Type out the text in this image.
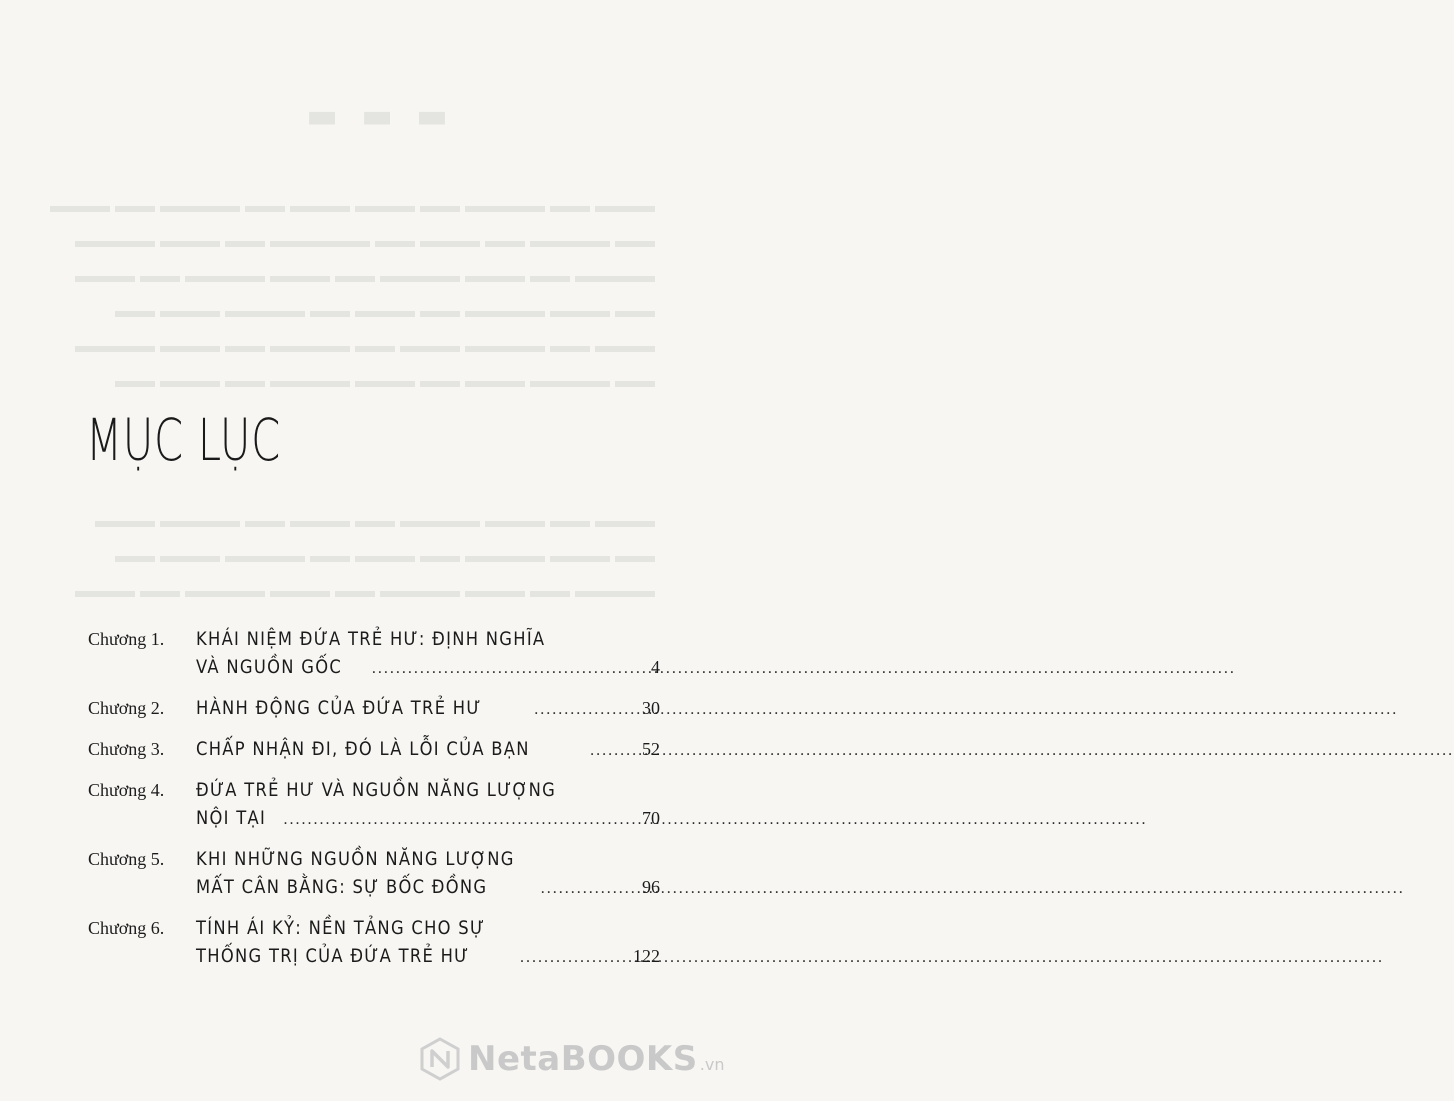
▬ ▬ ▬
▬▬▬ ▬▬ ▬▬▬▬ ▬▬ ▬▬▬ ▬▬▬ ▬▬ ▬▬▬▬ ▬▬ ▬▬▬
▬▬ ▬▬▬▬ ▬▬ ▬▬▬ ▬▬ ▬▬▬▬▬ ▬▬ ▬▬▬ ▬▬▬▬
▬▬▬▬ ▬▬ ▬▬▬ ▬▬▬▬ ▬▬ ▬▬▬ ▬▬▬▬ ▬▬ ▬▬▬
▬▬ ▬▬▬ ▬▬▬▬ ▬▬ ▬▬▬ ▬▬ ▬▬▬▬ ▬▬▬ ▬▬
▬▬▬ ▬▬ ▬▬▬▬ ▬▬▬ ▬▬ ▬▬▬▬ ▬▬ ▬▬▬ ▬▬▬▬
▬▬ ▬▬▬▬ ▬▬▬ ▬▬ ▬▬▬ ▬▬▬▬ ▬▬ ▬▬▬ ▬▬
▬▬▬ ▬▬ ▬▬▬ ▬▬▬▬ ▬▬ ▬▬▬ ▬▬ ▬▬▬▬ ▬▬▬
▬▬ ▬▬▬ ▬▬▬▬ ▬▬ ▬▬▬ ▬▬ ▬▬▬▬ ▬▬▬ ▬▬
▬▬▬▬ ▬▬ ▬▬▬ ▬▬▬▬ ▬▬ ▬▬▬ ▬▬▬▬ ▬▬ ▬▬▬
MỤC LỤC
Chương 1.	KHÁI NIỆM ĐỨA TRẺ HƯ: ĐỊNH NGHĨA
VÀ NGUỒN GỐC .....	4
Chương 2.	HÀNH ĐỘNG CỦA ĐỨA TRẺ HƯ .....	30
Chương 3.	CHẤP NHẬN ĐI, ĐÓ LÀ LỖI CỦA BẠN .....	52
Chương 4.	ĐỨA TRẺ HƯ VÀ NGUỒN NĂNG LƯỢNG
NỘI TẠI .....	70
Chương 5.	KHI NHỮNG NGUỒN NĂNG LƯỢNG
MẤT CÂN BẰNG: SỰ BỐC ĐỒNG .....	96
Chương 6.	TÍNH ÁI KỶ: NỀN TẢNG CHO SỰ
THỐNG TRỊ CỦA ĐỨA TRẺ HƯ .....	122
NetaBOOKS .vn
